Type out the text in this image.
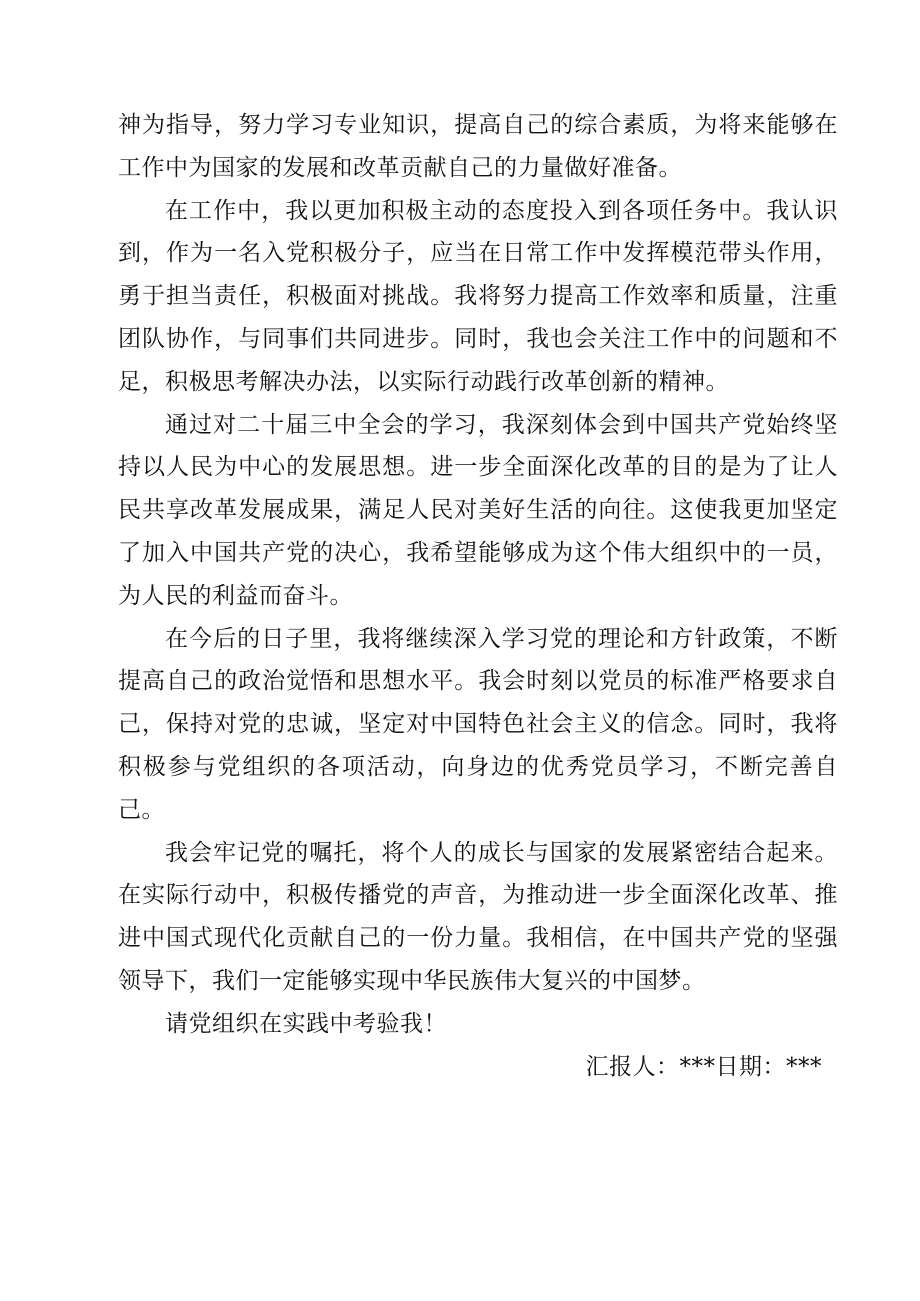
神为指导，努力学习专业知识，提高自己的综合素质，为将来能够在工作中为国家的发展和改革贡献自己的力量做好准备。

在工作中，我以更加积极主动的态度投入到各项任务中。我认识到，作为一名入党积极分子，应当在日常工作中发挥模范带头作用，勇于担当责任，积极面对挑战。我将努力提高工作效率和质量，注重团队协作，与同事们共同进步。同时，我也会关注工作中的问题和不足，积极思考解决办法，以实际行动践行改革创新的精神。

通过对二十届三中全会的学习，我深刻体会到中国共产党始终坚持以人民为中心的发展思想。进一步全面深化改革的目的是为了让人民共享改革发展成果，满足人民对美好生活的向往。这使我更加坚定了加入中国共产党的决心，我希望能够成为这个伟大组织中的一员，为人民的利益而奋斗。

在今后的日子里，我将继续深入学习党的理论和方针政策，不断提高自己的政治觉悟和思想水平。我会时刻以党员的标准严格要求自己，保持对党的忠诚，坚定对中国特色社会主义的信念。同时，我将积极参与党组织的各项活动，向身边的优秀党员学习，不断完善自己。

我会牢记党的嘱托，将个人的成长与国家的发展紧密结合起来。在实际行动中，积极传播党的声音，为推动进一步全面深化改革、推进中国式现代化贡献自己的一份力量。我相信，在中国共产党的坚强领导下，我们一定能够实现中华民族伟大复兴的中国梦。

请党组织在实践中考验我！

汇报人：***日期：***
